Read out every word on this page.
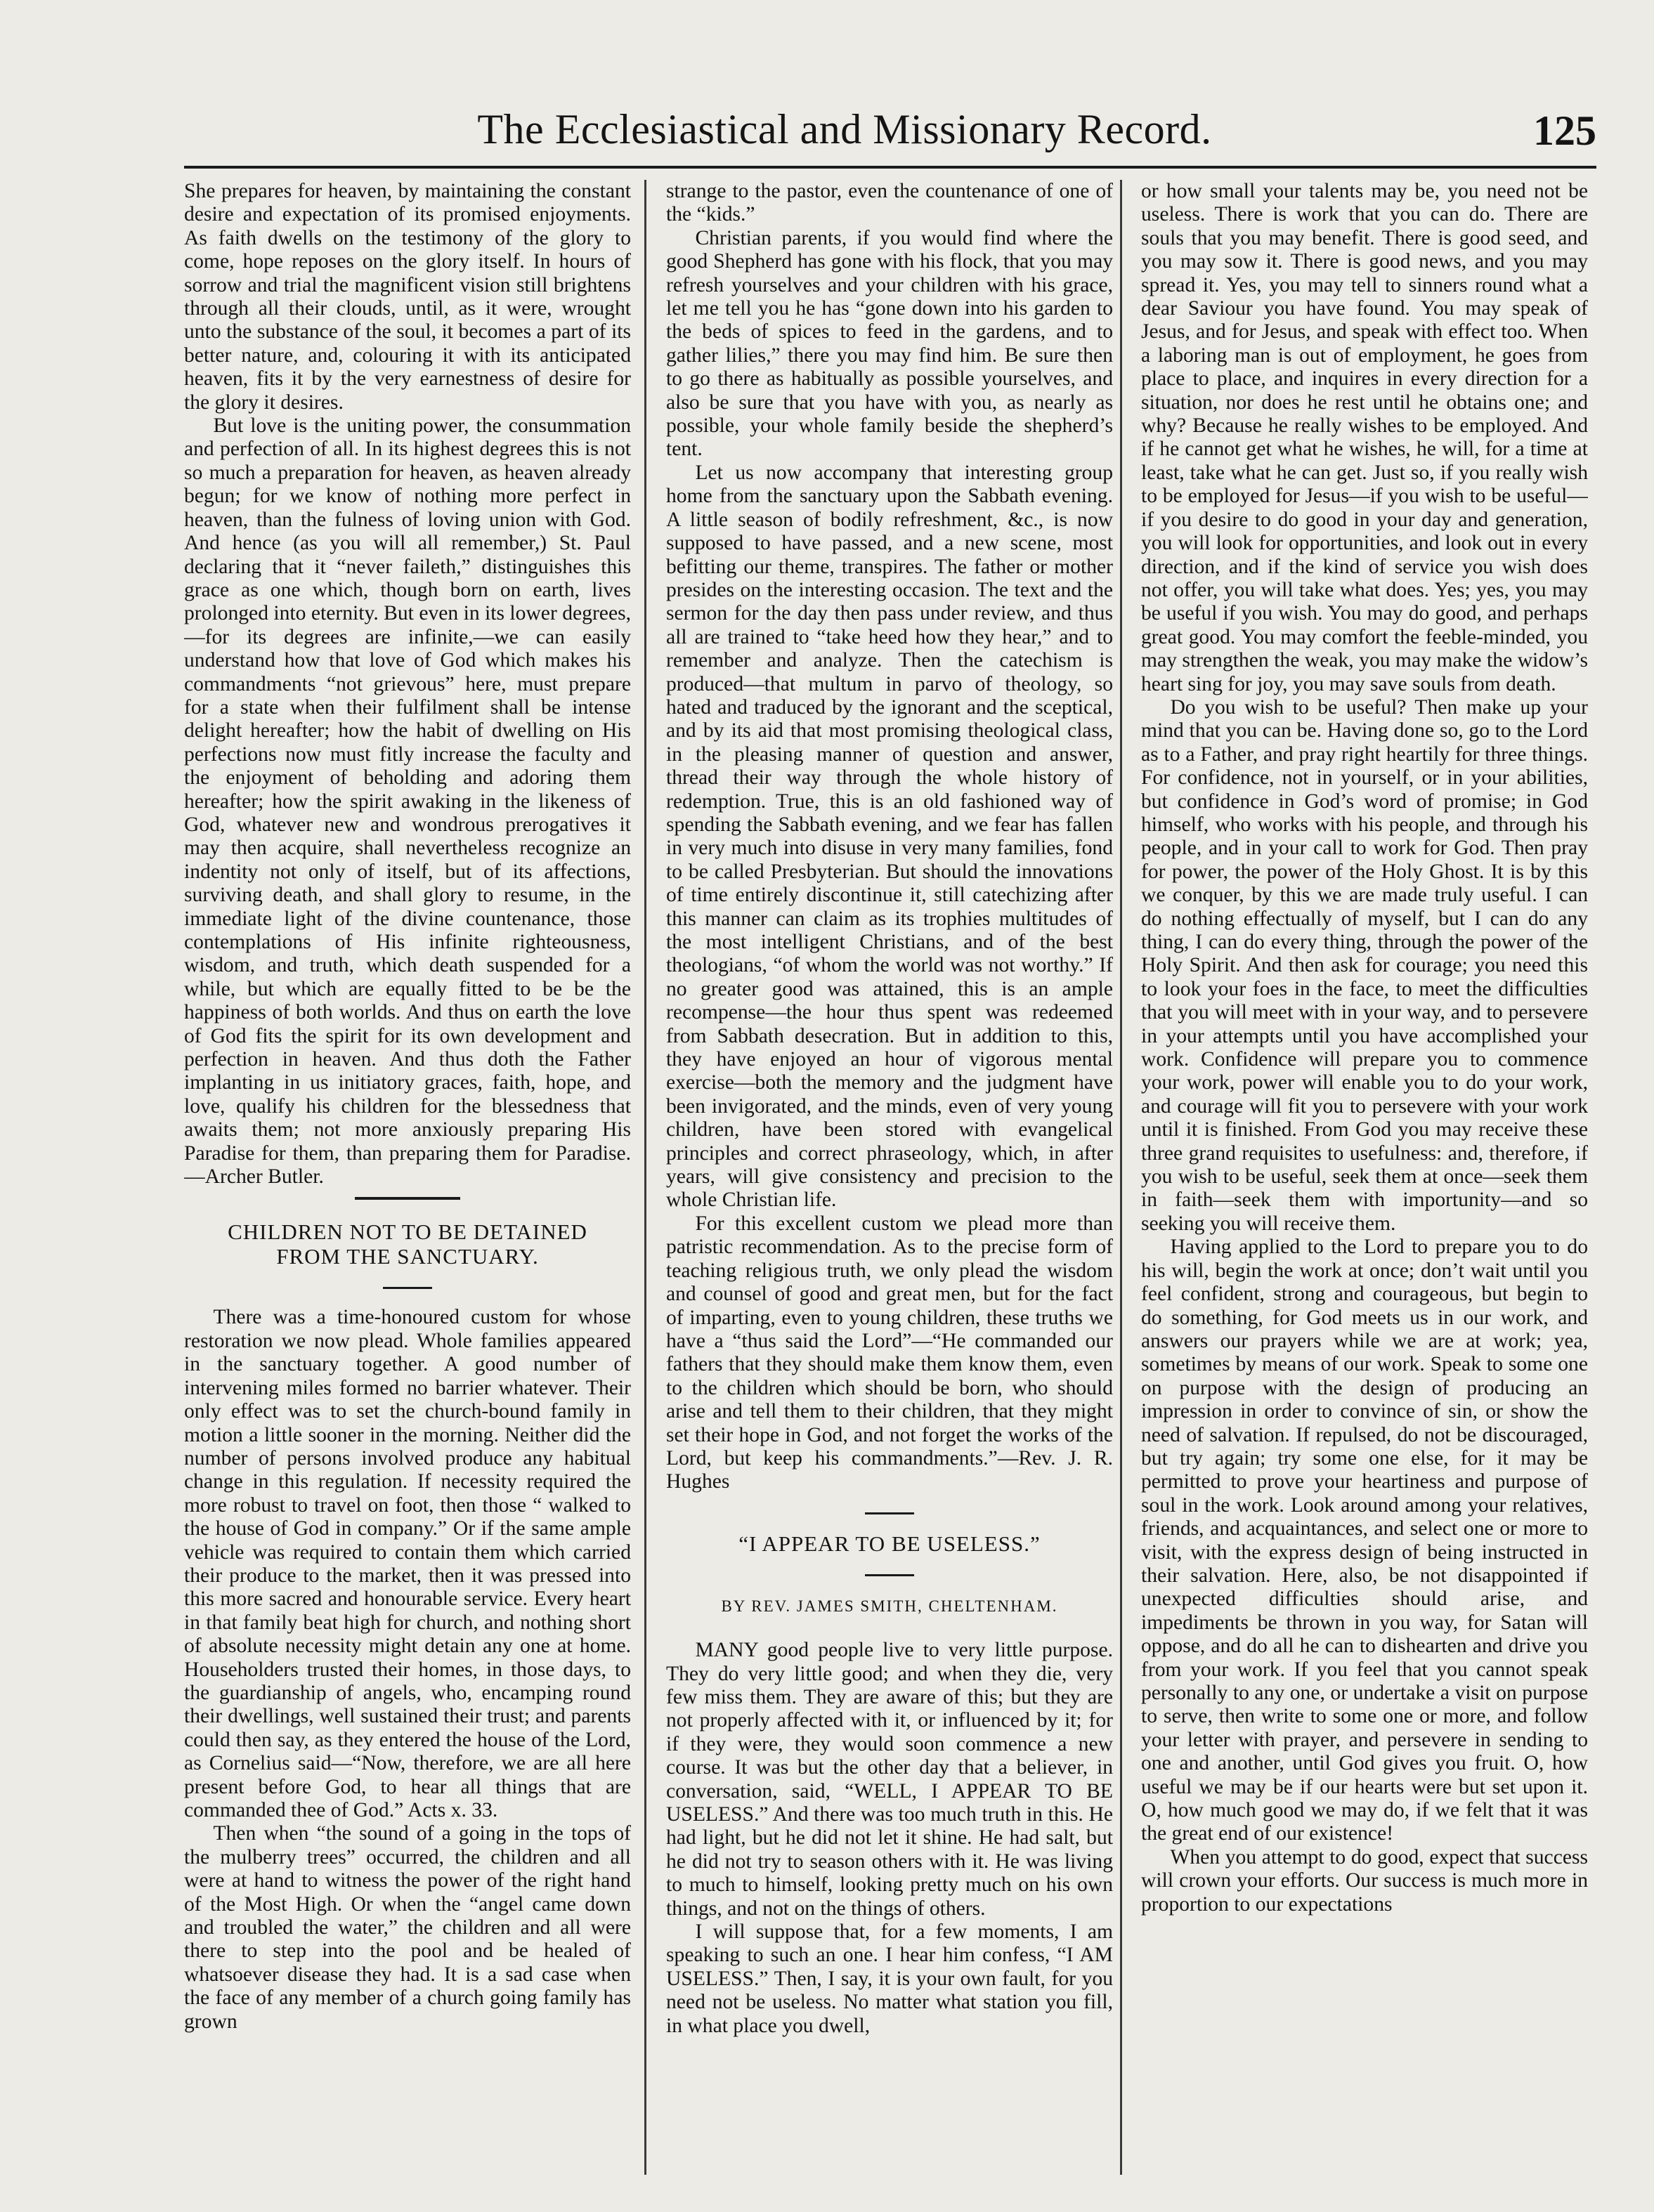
The Ecclesiastical and Missionary Record.	125

She prepares for heaven, by maintaining the constant desire and expectation of its promised enjoyments. As faith dwells on the testimony of the glory to come, hope reposes on the glory itself. In hours of sorrow and trial the magnificent vision still brightens through all their clouds, until, as it were, wrought unto the substance of the soul, it becomes a part of its better nature, and, colouring it with its anticipated heaven, fits it by the very earnestness of desire for the glory it desires.

But love is the uniting power, the consummation and perfection of all. In its highest degrees this is not so much a preparation for heaven, as heaven already begun; for we know of nothing more perfect in heaven, than the fulness of loving union with God. And hence (as you will all remember,) St. Paul declaring that it “never faileth,” distinguishes this grace as one which, though born on earth, lives prolonged into eternity. But even in its lower degrees,—for its degrees are infinite,—we can easily understand how that love of God which makes his commandments “not grievous” here, must prepare for a state when their fulfilment shall be intense delight hereafter; how the habit of dwelling on His perfections now must fitly increase the faculty and the enjoyment of beholding and adoring them hereafter; how the spirit awaking in the likeness of God, whatever new and wondrous prerogatives it may then acquire, shall nevertheless recognize an indentity not only of itself, but of its affections, surviving death, and shall glory to resume, in the immediate light of the divine countenance, those contemplations of His infinite righteousness, wisdom, and truth, which death suspended for a while, but which are equally fitted to be be the happiness of both worlds. And thus on earth the love of God fits the spirit for its own development and perfection in heaven. And thus doth the Father implanting in us initiatory graces, faith, hope, and love, qualify his children for the blessedness that awaits them; not more anxiously preparing His Paradise for them, than preparing them for Paradise.—Archer Butler.

CHILDREN NOT TO BE DETAINED
FROM THE SANCTUARY.

There was a time-honoured custom for whose restoration we now plead. Whole families appeared in the sanctuary together. A good number of intervening miles formed no barrier whatever. Their only effect was to set the church-bound family in motion a little sooner in the morning. Neither did the number of persons involved produce any habitual change in this regulation. If necessity required the more robust to travel on foot, then those “ walked to the house of God in company.” Or if the same ample vehicle was required to contain them which carried their produce to the market, then it was pressed into this more sacred and honourable service. Every heart in that family beat high for church, and nothing short of absolute necessity might detain any one at home. Householders trusted their homes, in those days, to the guardianship of angels, who, encamping round their dwellings, well sustained their trust; and parents could then say, as they entered the house of the Lord, as Cornelius said—“Now, therefore, we are all here present before God, to hear all things that are commanded thee of God.” Acts x. 33.

Then when “the sound of a going in the tops of the mulberry trees” occurred, the children and all were at hand to witness the power of the right hand of the Most High. Or when the “angel came down and troubled the water,” the children and all were there to step into the pool and be healed of whatsoever disease they had. It is a sad case when the face of any member of a church going family has grown

strange to the pastor, even the countenance of one of the “kids.”

Christian parents, if you would find where the good Shepherd has gone with his flock, that you may refresh yourselves and your children with his grace, let me tell you he has “gone down into his garden to the beds of spices to feed in the gardens, and to gather lilies,” there you may find him. Be sure then to go there as habitually as possible yourselves, and also be sure that you have with you, as nearly as possible, your whole family beside the shepherd’s tent.

Let us now accompany that interesting group home from the sanctuary upon the Sabbath evening. A little season of bodily refreshment, &c., is now supposed to have passed, and a new scene, most befitting our theme, transpires. The father or mother presides on the interesting occasion. The text and the sermon for the day then pass under review, and thus all are trained to “take heed how they hear,” and to remember and analyze. Then the catechism is produced—that multum in parvo of theology, so hated and traduced by the ignorant and the sceptical, and by its aid that most promising theological class, in the pleasing manner of question and answer, thread their way through the whole history of redemption. True, this is an old fashioned way of spending the Sabbath evening, and we fear has fallen in very much into disuse in very many families, fond to be called Presbyterian. But should the innovations of time entirely discontinue it, still catechizing after this manner can claim as its trophies multitudes of the most intelligent Christians, and of the best theologians, “of whom the world was not worthy.” If no greater good was attained, this is an ample recompense—the hour thus spent was redeemed from Sabbath desecration. But in addition to this, they have enjoyed an hour of vigorous mental exercise—both the memory and the judgment have been invigorated, and the minds, even of very young children, have been stored with evangelical principles and correct phraseology, which, in after years, will give consistency and precision to the whole Christian life.

For this excellent custom we plead more than patristic recommendation. As to the precise form of teaching religious truth, we only plead the wisdom and counsel of good and great men, but for the fact of imparting, even to young children, these truths we have a “thus said the Lord”—“He commanded our fathers that they should make them know them, even to the children which should be born, who should arise and tell them to their children, that they might set their hope in God, and not forget the works of the Lord, but keep his commandments.”—Rev. J. R. Hughes

“I APPEAR TO BE USELESS.”
BY REV. JAMES SMITH, CHELTENHAM.

MANY good people live to very little purpose. They do very little good; and when they die, very few miss them. They are aware of this; but they are not properly affected with it, or influenced by it; for if they were, they would soon commence a new course. It was but the other day that a believer, in conversation, said, “WELL, I APPEAR TO BE USELESS.” And there was too much truth in this. He had light, but he did not let it shine. He had salt, but he did not try to season others with it. He was living to much to himself, looking pretty much on his own things, and not on the things of others.

I will suppose that, for a few moments, I am speaking to such an one. I hear him confess, “I AM USELESS.” Then, I say, it is your own fault, for you need not be useless. No matter what station you fill, in what place you dwell,

or how small your talents may be, you need not be useless. There is work that you can do. There are souls that you may benefit. There is good seed, and you may sow it. There is good news, and you may spread it. Yes, you may tell to sinners round what a dear Saviour you have found. You may speak of Jesus, and for Jesus, and speak with effect too. When a laboring man is out of employment, he goes from place to place, and inquires in every direction for a situation, nor does he rest until he obtains one; and why? Because he really wishes to be employed. And if he cannot get what he wishes, he will, for a time at least, take what he can get. Just so, if you really wish to be employed for Jesus—if you wish to be useful—if you desire to do good in your day and generation, you will look for opportunities, and look out in every direction, and if the kind of service you wish does not offer, you will take what does. Yes; yes, you may be useful if you wish. You may do good, and perhaps great good. You may comfort the feeble-minded, you may strengthen the weak, you may make the widow’s heart sing for joy, you may save souls from death.

Do you wish to be useful? Then make up your mind that you can be. Having done so, go to the Lord as to a Father, and pray right heartily for three things. For confidence, not in yourself, or in your abilities, but confidence in God’s word of promise; in God himself, who works with his people, and through his people, and in your call to work for God. Then pray for power, the power of the Holy Ghost. It is by this we conquer, by this we are made truly useful. I can do nothing effectually of myself, but I can do any thing, I can do every thing, through the power of the Holy Spirit. And then ask for courage; you need this to look your foes in the face, to meet the difficulties that you will meet with in your way, and to persevere in your attempts until you have accomplished your work. Confidence will prepare you to commence your work, power will enable you to do your work, and courage will fit you to persevere with your work until it is finished. From God you may receive these three grand requisites to usefulness: and, therefore, if you wish to be useful, seek them at once—seek them in faith—seek them with importunity—and so seeking you will receive them.

Having applied to the Lord to prepare you to do his will, begin the work at once; don’t wait until you feel confident, strong and courageous, but begin to do something, for God meets us in our work, and answers our prayers while we are at work; yea, sometimes by means of our work. Speak to some one on purpose with the design of producing an impression in order to convince of sin, or show the need of salvation. If repulsed, do not be discouraged, but try again; try some one else, for it may be permitted to prove your heartiness and purpose of soul in the work. Look around among your relatives, friends, and acquaintances, and select one or more to visit, with the express design of being instructed in their salvation. Here, also, be not disappointed if unexpected difficulties should arise, and impediments be thrown in you way, for Satan will oppose, and do all he can to dishearten and drive you from your work. If you feel that you cannot speak personally to any one, or undertake a visit on purpose to serve, then write to some one or more, and follow your letter with prayer, and persevere in sending to one and another, until God gives you fruit. O, how useful we may be if our hearts were but set upon it. O, how much good we may do, if we felt that it was the great end of our existence!

When you attempt to do good, expect that success will crown your efforts. Our success is much more in proportion to our expectations
